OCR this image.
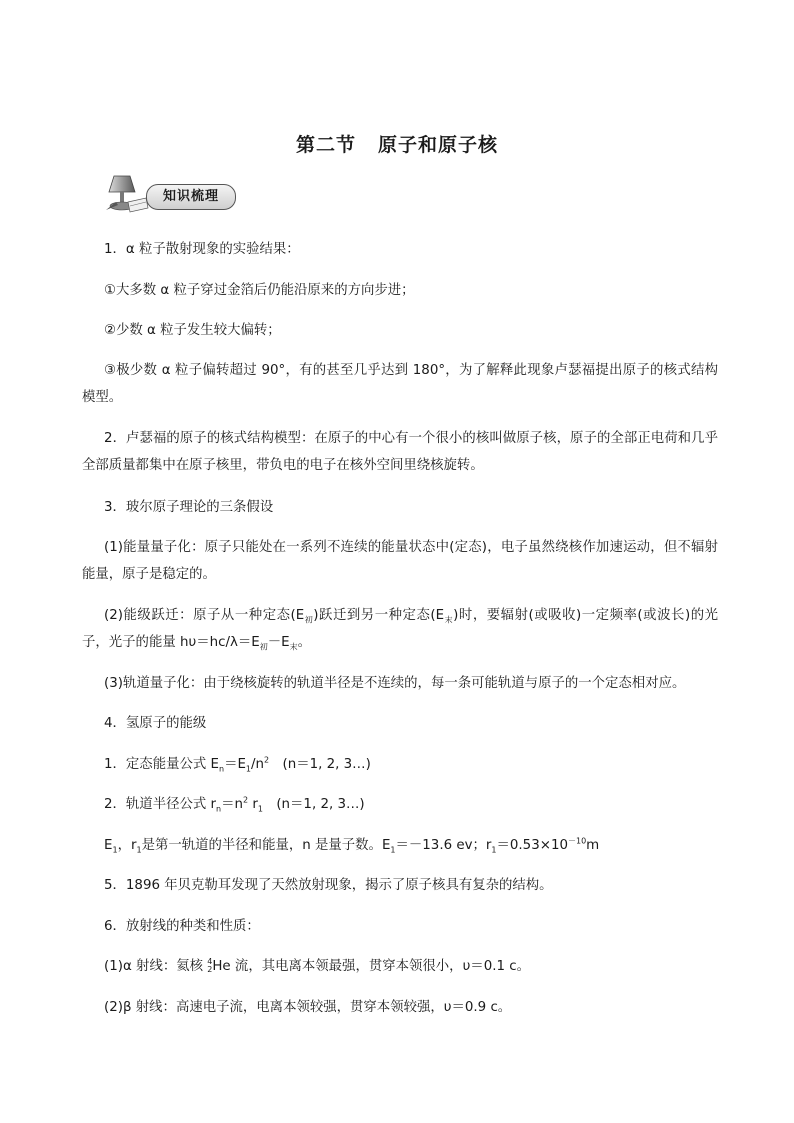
第二节 原子和原子核
知识梳理
1．α 粒子散射现象的实验结果：
①大多数 α 粒子穿过金箔后仍能沿原来的方向步进；
②少数 α 粒子发生较大偏转；
③极少数 α 粒子偏转超过 90°，有的甚至几乎达到 180°，为了解释此现象卢瑟福提出原子的核式结构模型。
2．卢瑟福的原子的核式结构模型：在原子的中心有一个很小的核叫做原子核，原子的全部正电荷和几乎全部质量都集中在原子核里，带负电的电子在核外空间里绕核旋转。
3．玻尔原子理论的三条假设
(1)能量量子化：原子只能处在一系列不连续的能量状态中(定态)，电子虽然绕核作加速运动，但不辐射能量，原子是稳定的。
(2)能级跃迁：原子从一种定态$(E_初)$跃迁到另一种定态$(E_末)$时，要辐射(或吸收)一定频率(或波长)的光子，光子的能量 $h\upsilon=hc/\lambda=E_初-E_末$。
(3)轨道量子化：由于绕核旋转的轨道半径是不连续的，每一条可能轨道与原子的一个定态相对应。
4．氢原子的能级
1．定态能量公式 $E_n=E_1/n^2$　(n＝1, 2, 3…)
2．轨道半径公式 $r_n=n^2$ $r_1$　(n＝1, 2, 3…)
$E_1$，$r_1$是第一轨道的半径和能量，n 是量子数。$E_1=-13.6$ ev；$r_1=0.53\times 10^{-10}m$
5．1896 年贝克勒耳发现了天然放射现象，揭示了原子核具有复杂的结构。
6．放射线的种类和性质：
(1)α 射线：氦核 4
2 He 流，其电离本领最强，贯穿本领很小，υ＝0.1 c。
(2)β 射线：高速电子流，电离本领较强，贯穿本领较强，υ＝0.9 c。
